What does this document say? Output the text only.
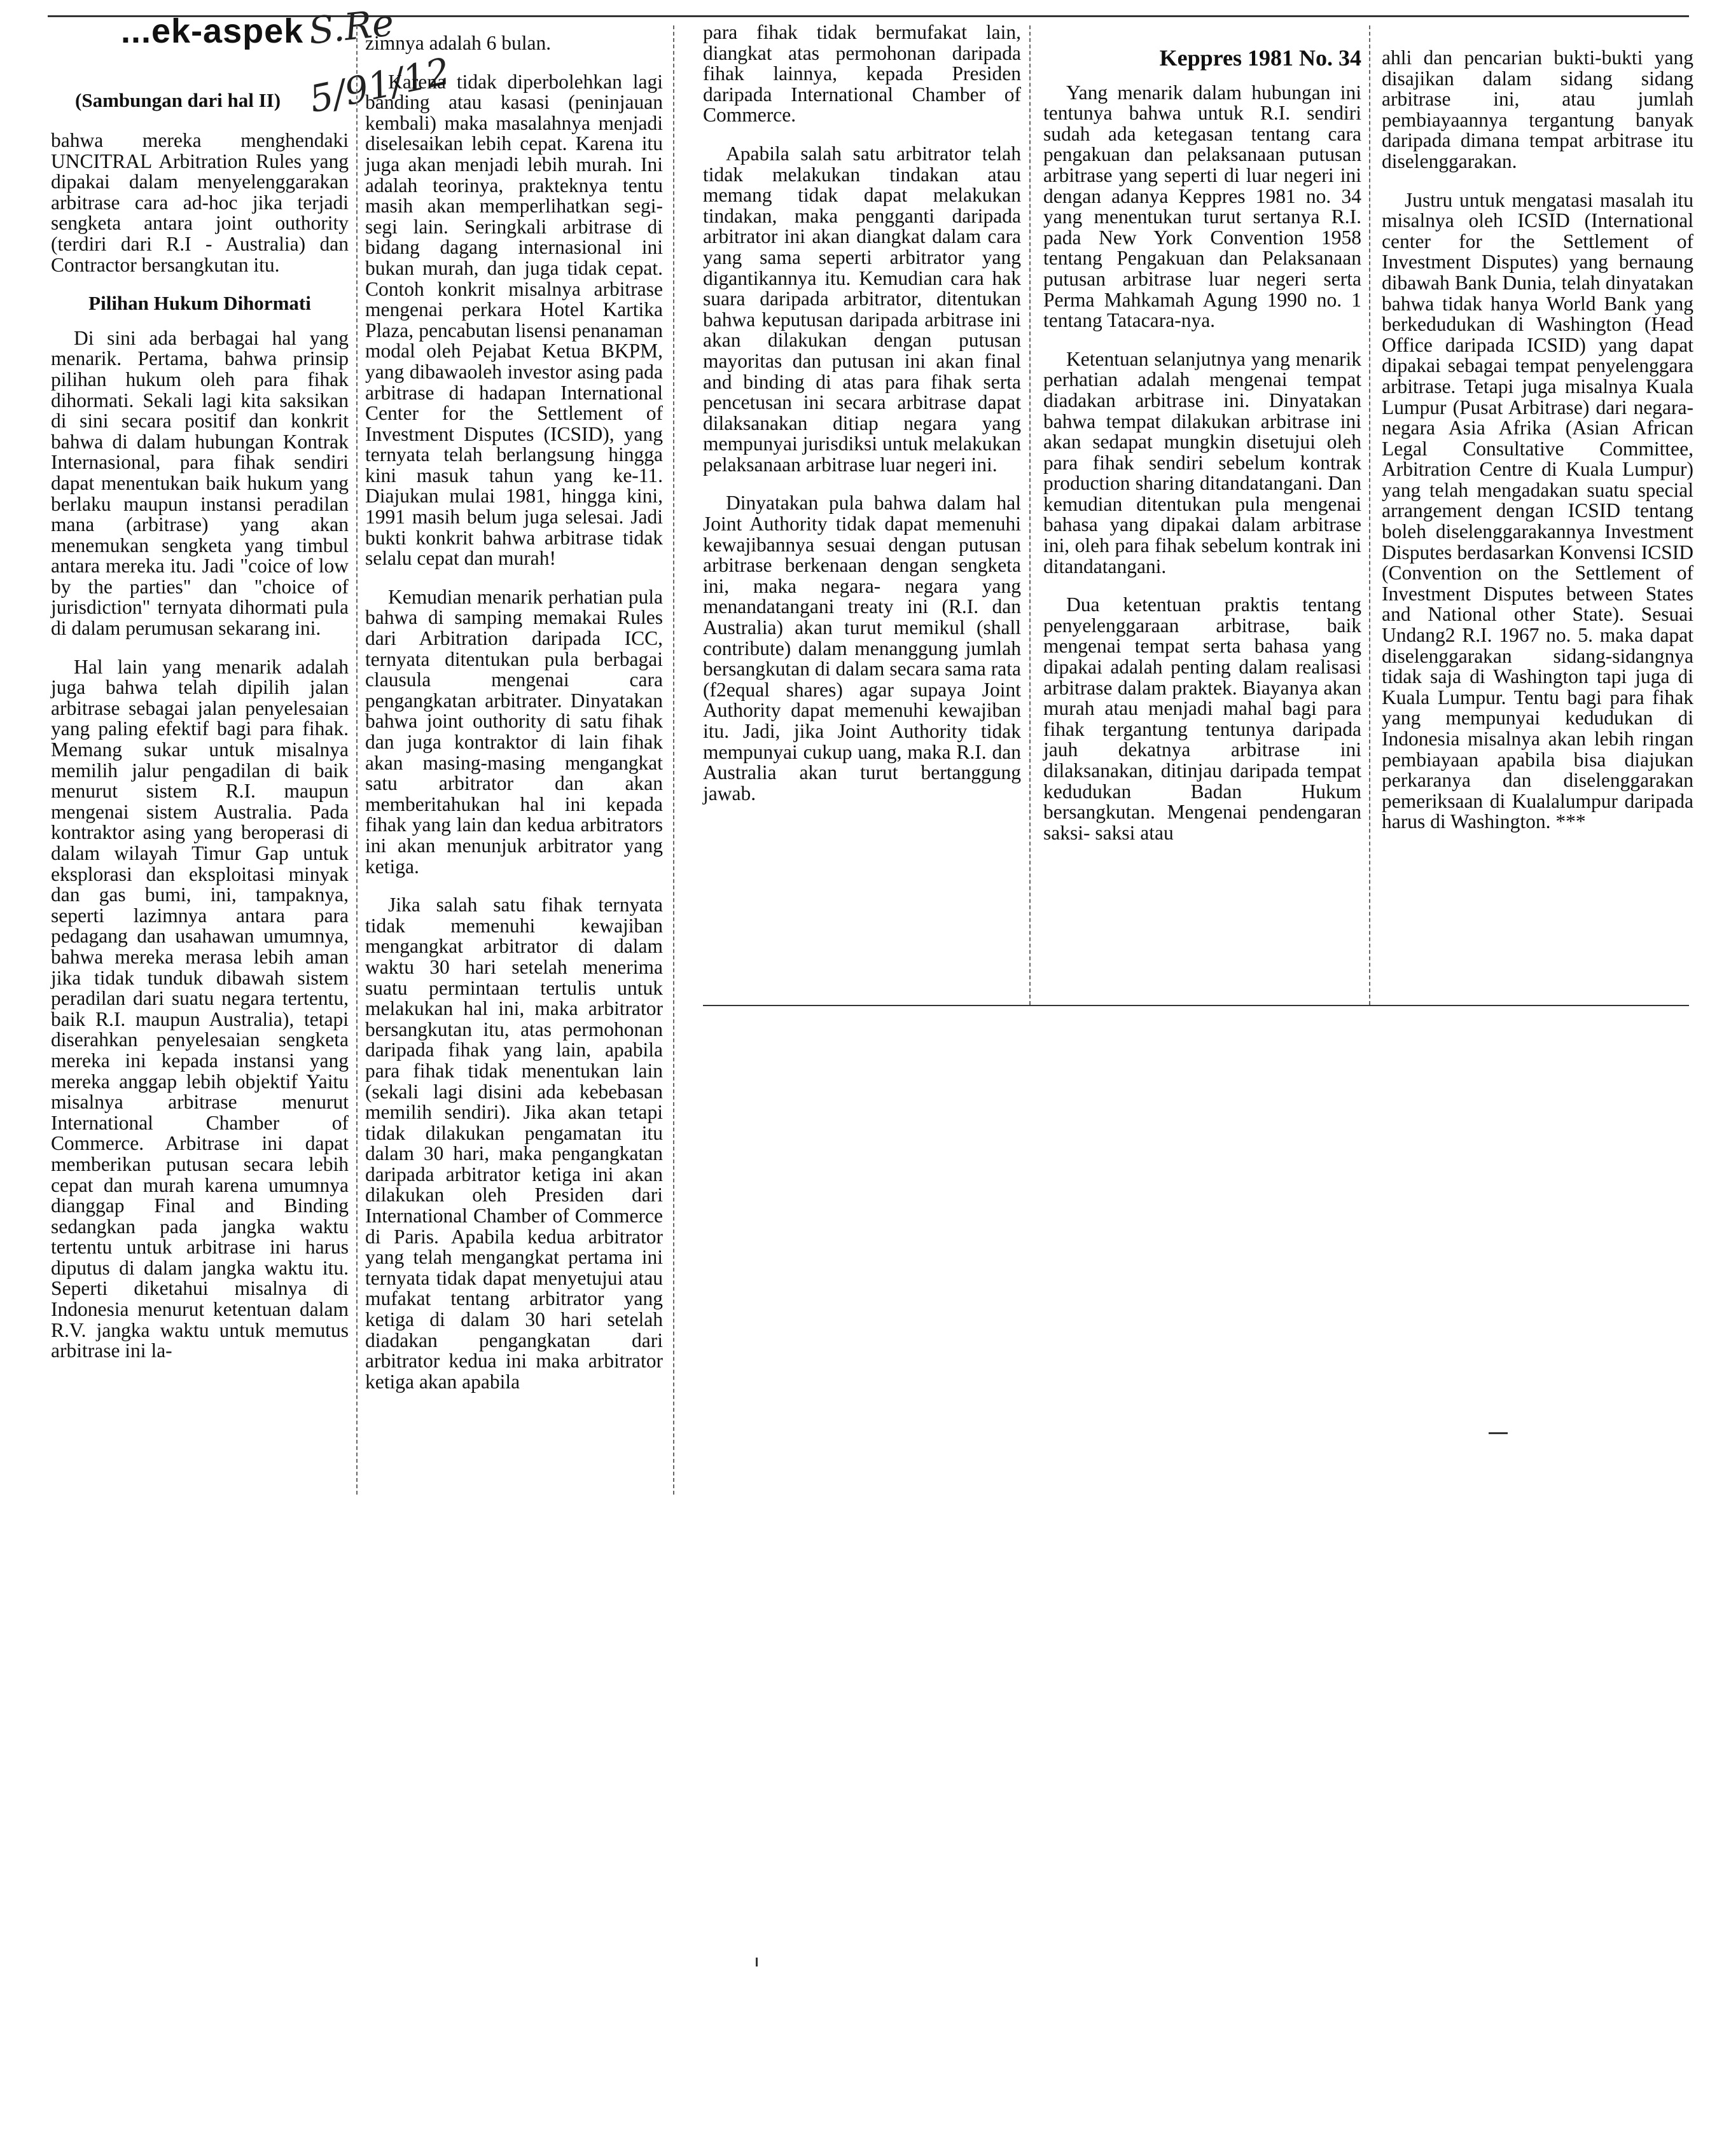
...ek-aspek S.Re
5/91/12
(Sambungan dari hal II)

bahwa mereka menghendaki UNCITRAL Arbitration Rules yang dipakai dalam menyelenggarakan arbitrase cara ad-hoc jika terjadi sengketa antara joint outhority (terdiri dari R.I - Australia) dan Contractor bersangkutan itu.

Pilihan Hukum Dihormati

Di sini ada berbagai hal yang menarik. Pertama, bahwa prinsip pilihan hukum oleh para fihak dihormati. Sekali lagi kita saksikan di sini secara positif dan konkrit bahwa di dalam hubungan Kontrak Internasional, para fihak sendiri dapat menentukan baik hukum yang berlaku maupun instansi peradilan mana (arbitrase) yang akan menemukan sengketa yang timbul antara mereka itu. Jadi "coice of low by the parties" dan "choice of jurisdiction" ternyata dihormati pula di dalam perumusan sekarang ini.

Hal lain yang menarik adalah juga bahwa telah dipilih jalan arbitrase sebagai jalan penyelesaian yang paling efektif bagi para fihak. Memang sukar untuk misalnya memilih jalur pengadilan di baik menurut sistem R.I. maupun mengenai sistem Australia. Pada kontraktor asing yang beroperasi di dalam wilayah Timur Gap untuk eksplorasi dan eksploitasi minyak dan gas bumi, ini, tampaknya, seperti lazimnya antara para pedagang dan usahawan umumnya, bahwa mereka merasa lebih aman jika tidak tunduk dibawah sistem peradilan dari suatu negara tertentu, baik R.I. maupun Australia), tetapi diserahkan penyelesaian sengketa mereka ini kepada instansi yang mereka anggap lebih objektif Yaitu misalnya arbitrase menurut International Chamber of Commerce. Arbitrase ini dapat memberikan putusan secara lebih cepat dan murah karena umumnya dianggap Final and Binding sedangkan pada jangka waktu tertentu untuk arbitrase ini harus diputus di dalam jangka waktu itu. Seperti diketahui misalnya di Indonesia menurut ketentuan dalam R.V. jangka waktu untuk memutus arbitrase ini la-

zimnya adalah 6 bulan.

Karena tidak diperbolehkan lagi banding atau kasasi (peninjauan kembali) maka masalahnya menjadi diselesaikan lebih cepat. Karena itu juga akan menjadi lebih murah. Ini adalah teorinya, prakteknya tentu masih akan memperlihatkan segi-segi lain. Seringkali arbitrase di bidang dagang internasional ini bukan murah, dan juga tidak cepat. Contoh konkrit misalnya arbitrase mengenai perkara Hotel Kartika Plaza, pencabutan lisensi penanaman modal oleh Pejabat Ketua BKPM, yang dibawaoleh investor asing pada arbitrase di hadapan International Center for the Settlement of Investment Disputes (ICSID), yang ternyata telah berlangsung hingga kini masuk tahun yang ke-11. Diajukan mulai 1981, hingga kini, 1991 masih belum juga selesai. Jadi bukti konkrit bahwa arbitrase tidak selalu cepat dan murah!

Kemudian menarik perhatian pula bahwa di samping memakai Rules dari Arbitration daripada ICC, ternyata ditentukan pula berbagai clausula mengenai cara pengangkatan arbitrater. Dinyatakan bahwa joint outhority di satu fihak dan juga kontraktor di lain fihak akan masing-masing mengangkat satu arbitrator dan akan memberitahukan hal ini kepada fihak yang lain dan kedua arbitrators ini akan menunjuk arbitrator yang ketiga.

Jika salah satu fihak ternyata tidak memenuhi kewajiban mengangkat arbitrator di dalam waktu 30 hari setelah menerima suatu permintaan tertulis untuk melakukan hal ini, maka arbitrator bersangkutan itu, atas permohonan daripada fihak yang lain, apabila para fihak tidak menentukan lain (sekali lagi disini ada kebebasan memilih sendiri). Jika akan tetapi tidak dilakukan pengamatan itu dalam 30 hari, maka pengangkatan daripada arbitrator ketiga ini akan dilakukan oleh Presiden dari International Chamber of Commerce di Paris. Apabila kedua arbitrator yang telah mengangkat pertama ini ternyata tidak dapat menyetujui atau mufakat tentang arbitrator yang ketiga di dalam 30 hari setelah diadakan pengangkatan dari arbitrator kedua ini maka arbitrator ketiga akan apabila

para fihak tidak bermufakat lain, diangkat atas permohonan daripada fihak lainnya, kepada Presiden daripada International Chamber of Commerce.

Apabila salah satu arbitrator telah tidak melakukan tindakan atau memang tidak dapat melakukan tindakan, maka pengganti daripada arbitrator ini akan diangkat dalam cara yang sama seperti arbitrator yang digantikannya itu. Kemudian cara hak suara daripada arbitrator, ditentukan bahwa keputusan daripada arbitrase ini akan dilakukan dengan putusan mayoritas dan putusan ini akan final and binding di atas para fihak serta pencetusan ini secara arbitrase dapat dilaksanakan ditiap negara yang mempunyai jurisdiksi untuk melakukan pelaksanaan arbitrase luar negeri ini.

Dinyatakan pula bahwa dalam hal Joint Authority tidak dapat memenuhi kewajibannya sesuai dengan putusan arbitrase berkenaan dengan sengketa ini, maka negara- negara yang menandatangani treaty ini (R.I. dan Australia) akan turut memikul (shall contribute) dalam menanggung jumlah bersangkutan di dalam secara sama rata (f2equal shares) agar supaya Joint Authority dapat memenuhi kewajiban itu. Jadi, jika Joint Authority tidak mempunyai cukup uang, maka R.I. dan Australia akan turut bertanggung jawab.

Keppres 1981 No. 34

Yang menarik dalam hubungan ini tentunya bahwa untuk R.I. sendiri sudah ada ketegasan tentang cara pengakuan dan pelaksanaan putusan arbitrase yang seperti di luar negeri ini dengan adanya Keppres 1981 no. 34 yang menentukan turut sertanya R.I. pada New York Convention 1958 tentang Pengakuan dan Pelaksanaan putusan arbitrase luar negeri serta Perma Mahkamah Agung 1990 no. 1 tentang Tatacara-nya.

Ketentuan selanjutnya yang menarik perhatian adalah mengenai tempat diadakan arbitrase ini. Dinyatakan bahwa tempat dilakukan arbitrase ini akan sedapat mungkin disetujui oleh para fihak sendiri sebelum kontrak production sharing ditandatangani. Dan kemudian ditentukan pula mengenai bahasa yang dipakai dalam arbitrase ini, oleh para fihak sebelum kontrak ini ditandatangani.

Dua ketentuan praktis tentang penyelenggaraan arbitrase, baik mengenai tempat serta bahasa yang dipakai adalah penting dalam realisasi arbitrase dalam praktek. Biayanya akan murah atau menjadi mahal bagi para fihak tergantung tentunya daripada jauh dekatnya arbitrase ini dilaksanakan, ditinjau daripada tempat kedudukan Badan Hukum bersangkutan. Mengenai pendengaran saksi- saksi atau

ahli dan pencarian bukti-bukti yang disajikan dalam sidang sidang arbitrase ini, atau jumlah pembiayaannya tergantung banyak daripada dimana tempat arbitrase itu diselenggarakan.

Justru untuk mengatasi masalah itu misalnya oleh ICSID (International center for the Settlement of Investment Disputes) yang bernaung dibawah Bank Dunia, telah dinyatakan bahwa tidak hanya World Bank yang berkedudukan di Washington (Head Office daripada ICSID) yang dapat dipakai sebagai tempat penyelenggara arbitrase. Tetapi juga misalnya Kuala Lumpur (Pusat Arbitrase) dari negara-negara Asia Afrika (Asian African Legal Consultative Committee, Arbitration Centre di Kuala Lumpur) yang telah mengadakan suatu special arrangement dengan ICSID tentang boleh diselenggarakannya Investment Disputes berdasarkan Konvensi ICSID (Convention on the Settlement of Investment Disputes between States and National other State). Sesuai Undang2 R.I. 1967 no. 5. maka dapat diselenggarakan sidang-sidangnya tidak saja di Washington tapi juga di Kuala Lumpur. Tentu bagi para fihak yang mempunyai kedudukan di Indonesia misalnya akan lebih ringan pembiayaan apabila bisa diajukan perkaranya dan diselenggarakan pemeriksaan di Kualalumpur daripada harus di Washington. ***
